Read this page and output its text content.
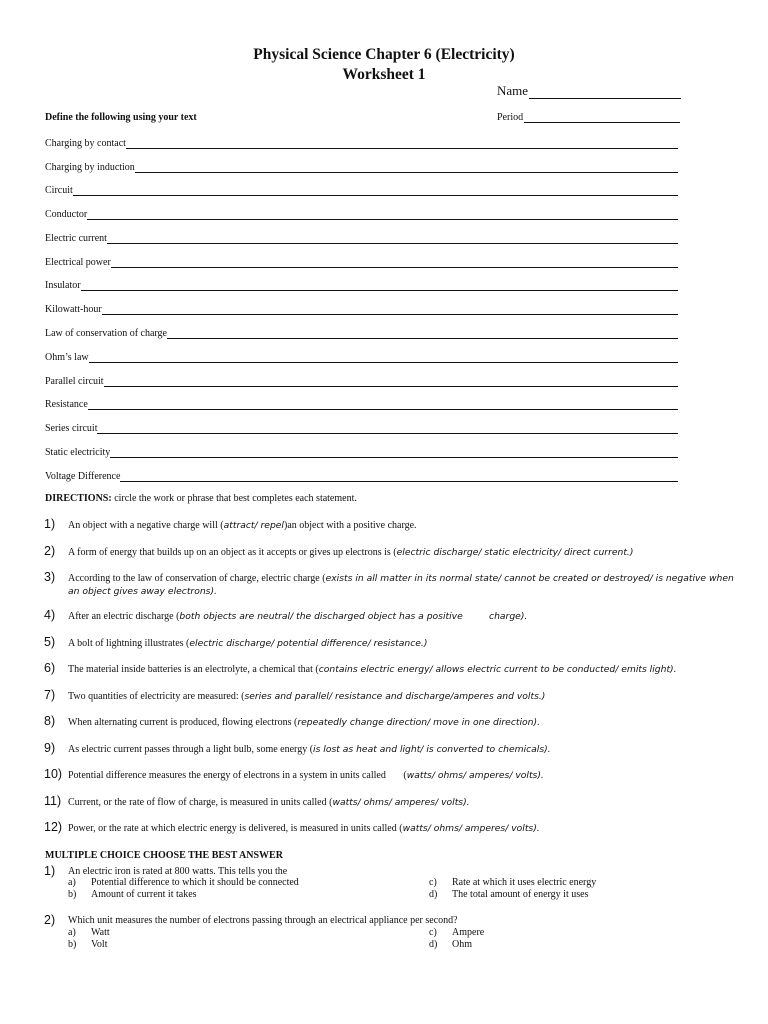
Physical Science Chapter 6 (Electricity)
Worksheet 1
Name
Define the following using your text	Period
Charging by contact
Charging by induction
Circuit
Conductor
Electric current
Electrical power
Insulator
Kilowatt-hour
Law of conservation of charge
Ohm’s law
Parallel circuit
Resistance
Series circuit
Static electricity
Voltage Difference
DIRECTIONS: circle the work or phrase that best completes each statement.
1) An object with a negative charge will (attract/ repel)an object with a positive charge.
2) A form of energy that builds up on an object as it accepts or gives up electrons is (electric discharge/ static electricity/ direct current.)
3) According to the law of conservation of charge, electric charge (exists in all matter in its normal state/ cannot be created or destroyed/ is negative when an object gives away electrons).
4) After an electric discharge (both objects are neutral/ the discharged object has a positive         charge).
5) A bolt of lightning illustrates (electric discharge/ potential difference/ resistance.)
6) The material inside batteries is an electrolyte, a chemical that (contains electric energy/ allows electric current to be conducted/ emits light).
7) Two quantities of electricity are measured: (series and parallel/ resistance and discharge/amperes and volts.)
8) When alternating current is produced, flowing electrons (repeatedly change direction/ move in one direction).
9) As electric current passes through a light bulb, some energy (is lost as heat and light/ is converted to chemicals).
10) Potential difference measures the energy of electrons in a system in units called       (watts/ ohms/ amperes/ volts).
11) Current, or the rate of flow of charge, is measured in units called (watts/ ohms/ amperes/ volts).
12) Power, or the rate at which electric energy is delivered, is measured in units called (watts/ ohms/ amperes/ volts).
MULTIPLE CHOICE CHOOSE THE BEST ANSWER
1) An electric iron is rated at 800 watts. This tells you the
a) Potential difference to which it should be connected
b) Amount of current it takes
c) Rate at which it uses electric energy
d) The total amount of energy it uses
2) Which unit measures the number of electrons passing through an electrical appliance per second?
a) Watt
b) Volt
c) Ampere
d) Ohm
